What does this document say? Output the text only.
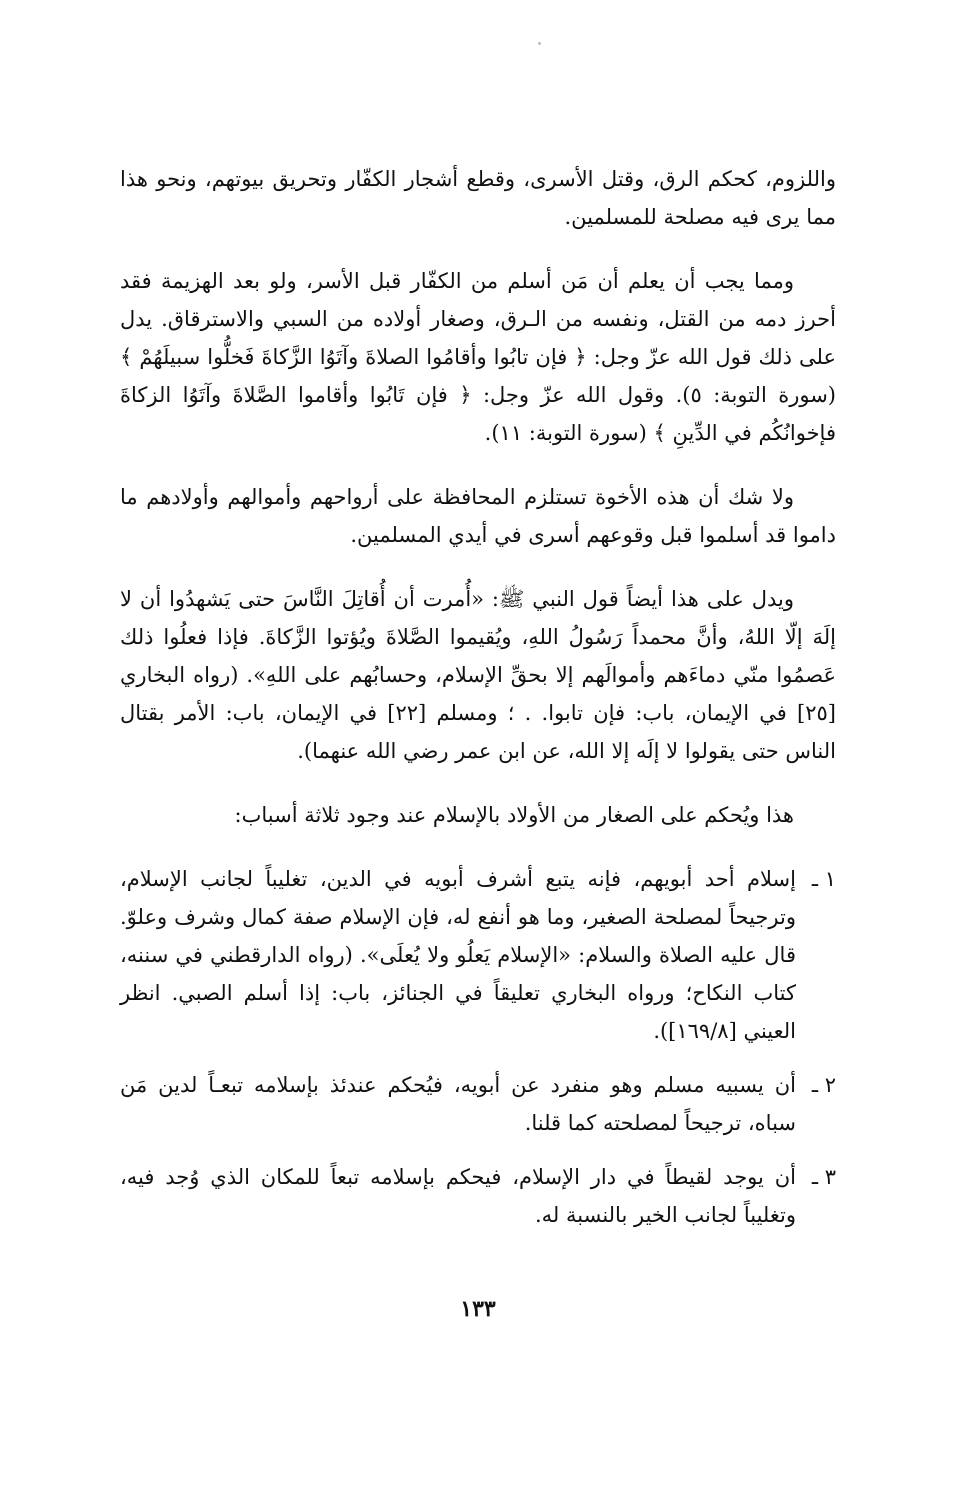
واللزوم، كحكم الرق، وقتل الأسرى، وقطع أشجار الكفّار وتحريق بيوتهم، ونحو هذا مما يرى فيه مصلحة للمسلمين.

ومما يجب أن يعلم أن مَن أسلم من الكفّار قبل الأسر، ولو بعد الهزيمة فقد أحرز دمه من القتل، ونفسه من الـرق، وصغار أولاده من السبي والاسترقاق. يدل على ذلك قول الله عزّ وجل: ﴿ فإن تابُوا وأقامُوا الصلاةَ وآتَوُا الزَّكاةَ فَخلُّوا سبيلَهُمْ ﴾ (سورة التوبة: ٥). وقول الله عزّ وجل: ﴿ فإن تَابُوا وأقاموا الصَّلاةَ وآتَوُا الزكاةَ فإخوانُكُم في الدِّينِ ﴾ (سورة التوبة: ١١).

ولا شك أن هذه الأخوة تستلزم المحافظة على أرواحهم وأموالهم وأولادهم ما داموا قد أسلموا قبل وقوعهم أسرى في أيدي المسلمين.

ويدل على هذا أيضاً قول النبي ﷺ: «أُمرت أن أُقاتِلَ النَّاسَ حتى يَشهدُوا أن لا إلَهَ إلّا اللهُ، وأنَّ محمداً رَسُولُ اللهِ، ويُقيموا الصَّلاةَ ويُؤتوا الزَّكاةَ. فإذا فعلُوا ذلك عَصمُوا منّي دماءَهم وأموالَهم إلا بحقِّ الإسلام، وحسابُهم على اللهِ». (رواه البخاري [٢٥] في الإيمان، باب: فإن تابوا. . ؛ ومسلم [٢٢] في الإيمان، باب: الأمر بقتال الناس حتى يقولوا لا إلَه إلا الله، عن ابن عمر رضي الله عنهما).

هذا ويُحكم على الصغار من الأولاد بالإسلام عند وجود ثلاثة أسباب:

١ ـ
إسلام أحد أبويهم، فإنه يتبع أشرف أبويه في الدين، تغليباً لجانب الإسلام، وترجيحاً لمصلحة الصغير، وما هو أنفع له، فإن الإسلام صفة كمال وشرف وعلوّ. قال عليه الصلاة والسلام: «الإسلام يَعلُو ولا يُعلَى». (رواه الدارقطني في سننه، كتاب النكاح؛ ورواه البخاري تعليقاً في الجنائز، باب: إذا أسلم الصبي. انظر العيني [١٦٩/٨]).
٢ ـ
أن يسبيه مسلم وهو منفرد عن أبويه، فيُحكم عندئذ بإسلامه تبعـاً لدين مَن سباه، ترجيحاً لمصلحته كما قلنا.
٣ ـ
أن يوجد لقيطاً في دار الإسلام، فيحكم بإسلامه تبعاً للمكان الذي وُجد فيه، وتغليباً لجانب الخير بالنسبة له.
١٣٣
